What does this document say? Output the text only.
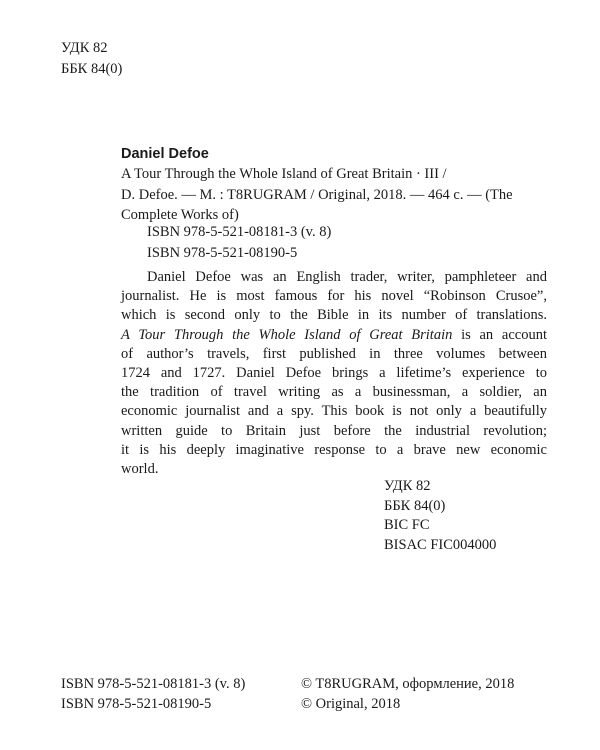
УДК 82
ББК 84(0)
Daniel Defoe
A Tour Through the Whole Island of Great Britain · III /
D. Defoe. — M. : T8RUGRAM / Original, 2018. — 464 с. — (The
Complete Works of)
ISBN 978-5-521-08181-3 (v. 8)
ISBN 978-5-521-08190-5
Daniel Defoe was an English trader, writer, pamphleteer and
journalist. He is most famous for his novel “Robinson Crusoe”,
which is second only to the Bible in its number of translations.
A Tour Through the Whole Island of Great Britain is an account
of author’s travels, first published in three volumes between
1724 and 1727. Daniel Defoe brings a lifetime’s experience to
the tradition of travel writing as a businessman, a soldier, an
economic journalist and a spy. This book is not only a beautifully
written guide to Britain just before the industrial revolution;
it is his deeply imaginative response to a brave new economic
world.
УДК 82
ББК 84(0)
BIC FC
BISAC FIC004000
ISBN 978-5-521-08181-3 (v. 8)
ISBN 978-5-521-08190-5
© T8RUGRAM, оформление, 2018
© Original, 2018
